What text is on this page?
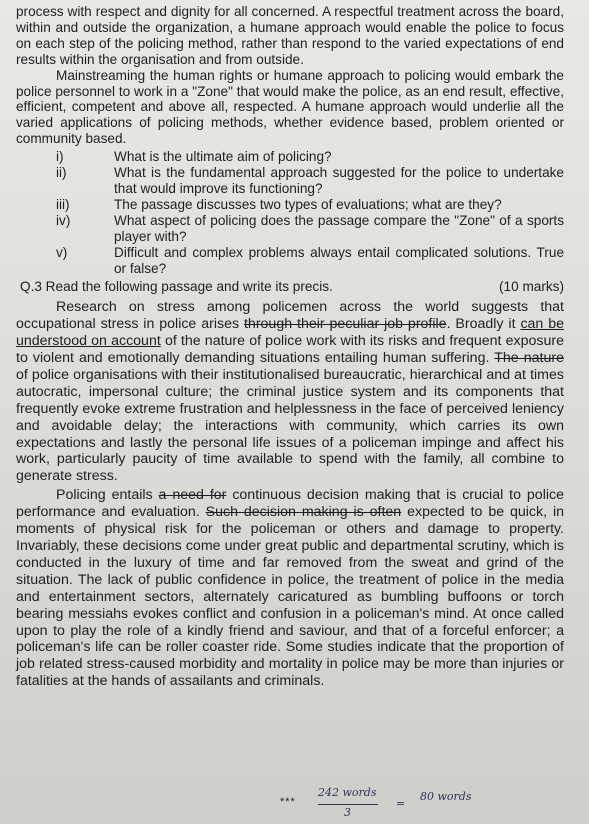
process with respect and dignity for all concerned. A respectful treatment across the board, within and outside the organization, a humane approach would enable the police to focus on each step of the policing method, rather than respond to the varied expectations of end results within the organisation and from outside.

Mainstreaming the human rights or humane approach to policing would embark the police personnel to work in a "Zone" that would make the police, as an end result, effective, efficient, competent and above all, respected. A humane approach would underlie all the varied applications of policing methods, whether evidence based, problem oriented or community based.

i)	What is the ultimate aim of policing?
ii)	What is the fundamental approach suggested for the police to undertake that would improve its functioning?
iii)	The passage discusses two types of evaluations; what are they?
iv)	What aspect of policing does the passage compare the "Zone" of a sports player with?
v)	Difficult and complex problems always entail complicated solutions. True or false?
Q.3 Read the following passage and write its precis.	(10 marks)

Research on stress among policemen across the world suggests that occupational stress in police arises through their peculiar job profile. Broadly it can be understood on account of the nature of police work with its risks and frequent exposure to violent and emotionally demanding situations entailing human suffering. The nature of police organisations with their institutionalised bureaucratic, hierarchical and at times autocratic, impersonal culture; the criminal justice system and its components that frequently evoke extreme frustration and helplessness in the face of perceived leniency and avoidable delay; the interactions with community, which carries its own expectations and lastly the personal life issues of a policeman impinge and affect his work, particularly paucity of time available to spend with the family, all combine to generate stress.

Policing entails a need for continuous decision making that is crucial to police performance and evaluation. Such decision making is often expected to be quick, in moments of physical risk for the policeman or others and damage to property. Invariably, these decisions come under great public and departmental scrutiny, which is conducted in the luxury of time and far removed from the sweat and grind of the situation. The lack of public confidence in police, the treatment of police in the media and entertainment sectors, alternately caricatured as bumbling buffoons or torch bearing messiahs evokes conflict and confusion in a policeman's mind. At once called upon to play the role of a kindly friend and saviour, and that of a forceful enforcer; a policeman's life can be roller coaster ride. Some studies indicate that the proportion of job related stress-caused morbidity and mortality in police may be more than injuries or fatalities at the hands of assailants and criminals.

***
242 words
3
=
80 words
